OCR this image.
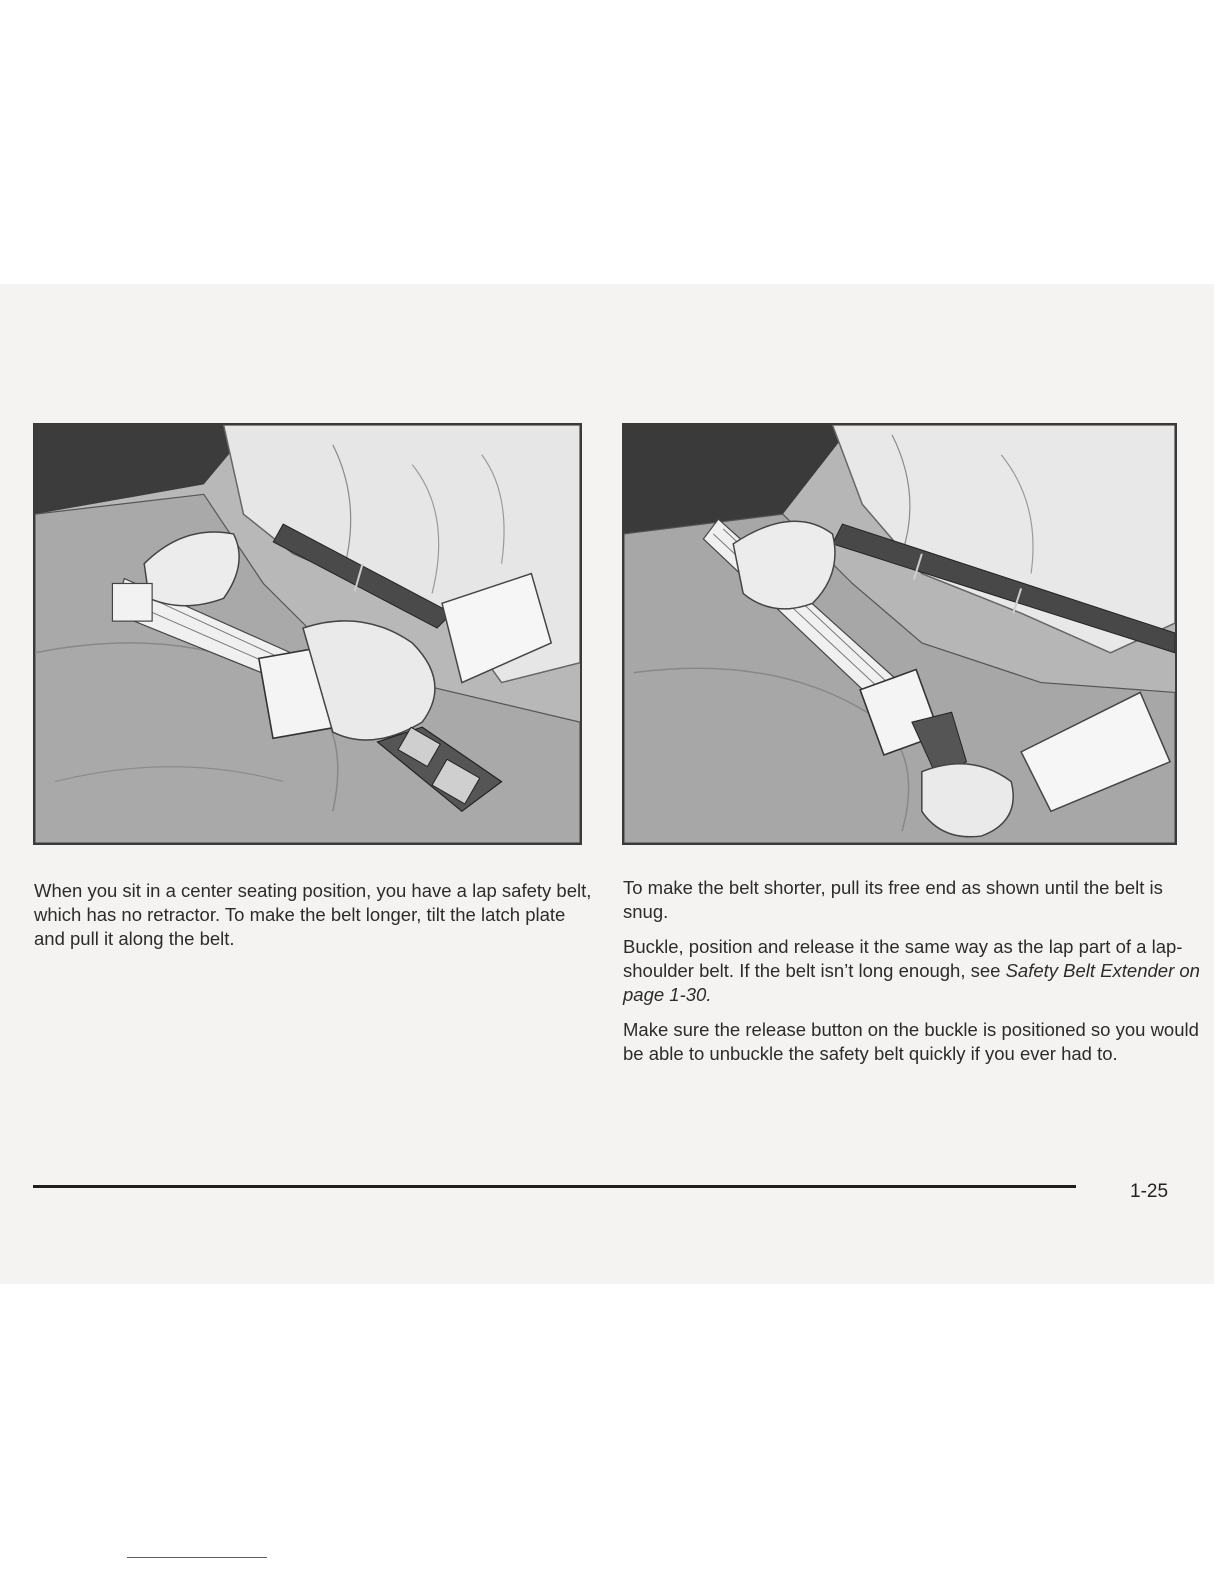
When you sit in a center seating position, you have a lap safety belt, which has no retractor. To make the belt longer, tilt the latch plate and pull it along the belt.

To make the belt shorter, pull its free end as shown until the belt is snug.

Buckle, position and release it the same way as the lap part of a lap-shoulder belt. If the belt isn’t long enough, see Safety Belt Extender on page 1-30.

Make sure the release button on the buckle is positioned so you would be able to unbuckle the safety belt quickly if you ever had to.

1-25
